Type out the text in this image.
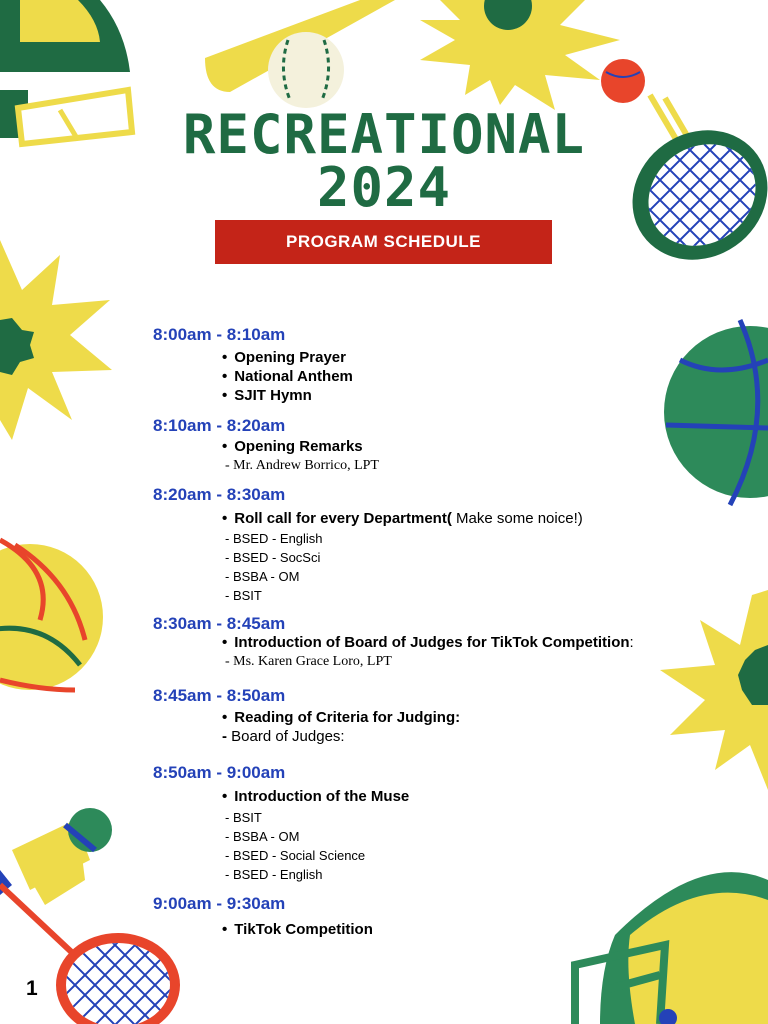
RECREATIONAL
2024
PROGRAM SCHEDULE
8:00am - 8:10am
• Opening Prayer
• National Anthem
• SJIT Hymn
8:10am - 8:20am
• Opening Remarks
- Mr. Andrew Borrico, LPT
8:20am - 8:30am
• Roll call for every Department( Make some noice!)
- BSED - English
- BSED - SocSci
- BSBA - OM
- BSIT
8:30am - 8:45am
• Introduction of Board of Judges for TikTok Competition:
- Ms. Karen Grace Loro, LPT
8:45am - 8:50am
• Reading of Criteria for Judging:
- Board of Judges:
8:50am - 9:00am
• Introduction of the Muse
- BSIT
- BSBA - OM
- BSED - Social Science
- BSED - English
9:00am - 9:30am
• TikTok Competition
1
